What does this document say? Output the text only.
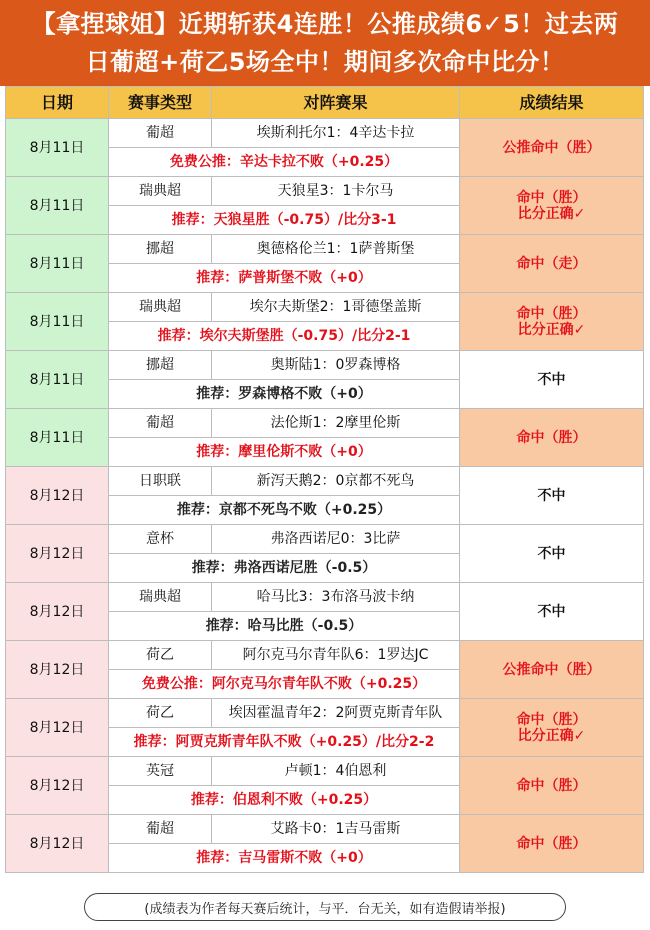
【拿捏球姐】近期斩获4连胜！公推成绩6✓5！过去两
日葡超+荷乙5场全中！期间多次命中比分！
日期	赛事类型	对阵赛果	成绩结果
8月11日	葡超	埃斯利托尔1：4辛达卡拉	公推命中（胜）
	免费公推：辛达卡拉不败（+0.25）		
8月11日	瑞典超	天狼星3：1卡尔马	命中（胜）
比分正确✓
	推荐：天狼星胜（-0.75）/比分3-1		
8月11日	挪超	奥德格伦兰1：1萨普斯堡	命中（走）
	推荐：萨普斯堡不败（+0）		
8月11日	瑞典超	埃尔夫斯堡2：1哥德堡盖斯	命中（胜）
比分正确✓
	推荐：埃尔夫斯堡胜（-0.75）/比分2-1		
8月11日	挪超	奥斯陆1：0罗森博格	不中
	推荐：罗森博格不败（+0）		
8月11日	葡超	法伦斯1：2摩里伦斯	命中（胜）
	推荐：摩里伦斯不败（+0）		
8月12日	日职联	新泻天鹅2：0京都不死鸟	不中
	推荐：京都不死鸟不败（+0.25）		
8月12日	意杯	弗洛西诺尼0：3比萨	不中
	推荐：弗洛西诺尼胜（-0.5）		
8月12日	瑞典超	哈马比3：3布洛马波卡纳	不中
	推荐：哈马比胜（-0.5）		
8月12日	荷乙	阿尔克马尔青年队6：1罗达JC	公推命中（胜）
	免费公推：阿尔克马尔青年队不败（+0.25）		
8月12日	荷乙	埃因霍温青年2：2阿贾克斯青年队	命中（胜）
比分正确✓
	推荐：阿贾克斯青年队不败（+0.25）/比分2-2		
8月12日	英冠	卢顿1：4伯恩利	命中（胜）
	推荐：伯恩利不败（+0.25）		
8月12日	葡超	艾路卡0：1吉马雷斯	命中（胜）
	推荐：吉马雷斯不败（+0）		
(成绩表为作者每天赛后统计，与平．台无关，如有造假请举报)
